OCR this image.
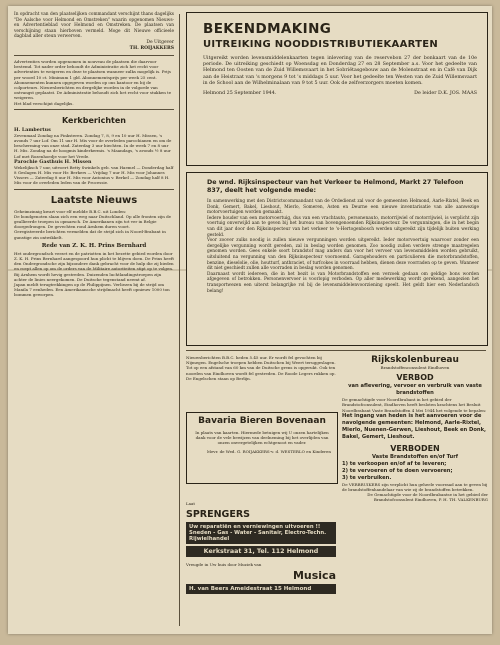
In opdracht van den plaatselijken commandant verschijnt thans dagelijks "De Aalsche voor Helmond en Omstreken" waarin opgenomen Nieuws- en Advertentieblad voor Helmond en Omstreken. De plaatsen van verschijning staan hierboven vermeld. Moge dit Nieuwe officieele dagblad aller steun verwerven.

De Uitgever

TH. ROIJAKKERS

Advertenties worden opgenomen in nouveau de plaatsen die daarvoor bestemd. Tot nader order behoudt de Administratie zich het recht voor advertenties te weigeren en deze te plaatsen wanneer zulks mogelijk is. Prijs per woord 10 ct. Minimum 1 gld. Abonnementsprijs per week 25 cent.

Abonnementen kunnen opgegeven worden op ons kantoor en bij de colporteurs. Nieuwsberichten en dergelijke worden in de volgorde van ontvangst geplaatst. De Administratie behoudt zich het recht voor stukken te weigeren.

Het blad verschijnt dagelijks.

Kerkberichten

H. Lambertus

Zevenmaal Zondag na Pinksteren. Zondag 7, 8, 9 en 10 uur H. Missen, 's avonds 7 uur Lof. Om 11 uur H. Mis voor de overleden parochianen en om de bescherming van onze stad. Zaterdag 3 uur biechten. In de week 7 en 8 uur H. Mis. Zondag na de hoogmis kinderkermis. 's Maandags, 's avonds ½ 8 uur Lof met Rozenhoedje voor het Vrede.

Parochie Gasthuis H. Missen

Wekelijksch 7 uur, uitvoert Betty Swinkels geb. van Haemel — Donderdag half 8 Geslagen H. Mis voor Hr. Berkers — Vrijdag 7 uur H. Mis voor Johannes Vissers — Zaterdag 8 uur H. Mis voor Antonius v. Berkel — Zondag half 8 H. Mis voor de overleden leden van de Processie.

Laatste Nieuws

Geheimzinnig kwart voor elf meldde B.B.C. uit Londen:

De bondgenoten slaan zich een weg naar Duitschland. Op alle fronten zijn de geallieerde troepen in opmarsch. De Amerikanen zijn tot ver in Belgie doorgedrongen. De gevechten rond Arnhem duren voort.

Geregistreerde berichten vermelden dat de strijd zich in Noord-Brabant in gunstige zin ontwikkelt.

Rede van Z. K. H. Prins Bernhard

Het ondergrondsch verzet en de patriotten in het bezette gebied worden door Z. K. H. Prins Bernhard aangespoord hun plicht te blijven doen. De Prins heeft den Ondergrondsche zijn bijzondere dank gebracht voor de hulp die zij bieden en roept allen op om de orders van de Militaire autoriteiten stipt op te volgen.

Bij Arnhem wordt hevig gestreden. Duizenden luchtlandingstroepen zijn achter de linies neergekomen. De Duitsche tegenstand neemt af.

Japan meldt terugtrekkingen op de Philippijnen. Verliezen bij de strijd om Manila 7 eenheden. Een Amerikaansche strijdmacht heeft opnieuw 1000 ton bommen geworpen.

BEKENDMAKING
UITREIKING NOODDISTRIBUTIEKAARTEN

Uitgereikt worden levensmiddelenkaarten tegen inlevering van de reservebon 27 der bonkaart van de 10e periode. De uitreiking geschiedt op Woensdag en Donderdag 27 en 28 September a.s. Voor het gedeelte van Helmond ten Oosten van de Zuid Willemsvaart in het Sobriëtasgebouw aan de Molenstraat en in Café van Dijk aan de Heistraat van 's morgens 9 tot 's middags 5 uur. Voor het gedeelte ten Westen van de Zuid Willemsvaart in de School aan de Wilhelminalaan van 9 tot 5 uur. Ook de zelfverzorgers moeten komen.

Helmond 25 September 1944.	De leider D.K. JOS. MAAS
De wnd. Rijksinspecteur van het Verkeer te Helmond, Markt 27 Telefoon 837, deelt het volgende mede:

In samenwerking met den Districtscommandant van de Ordedienst zal voor de gemeenten Helmond, Aarle-Rixtel, Beek en Donk, Gemert, Bakel, Lieshout, Mierlo, Someren, Asten en Deurne een nieuwe inventarisatie van alle aanwezige motorvoertuigen worden gemaakt.

Iedere houder van een motorvoertuig, dus van een vrachtauto, personenauto, motorrijwiel of motorrijwiel, is verplicht zijn voertuig onverwijld aan te geven bij het bureau van bovengenoemden Rijksinspecteur. De vergunningen, die in het begin van dit jaar door den Rijksinspecteur van het verkeer te 's-Hertogenbosch werden uitgereikt zijn tijdelijk buiten werking gesteld.

Voor zoover zulks noodig is zullen nieuwe vergunningen worden uitgereikt. Ieder motorvoertuig waarvoor zonder een dergelijke vergunning wordt gereden, zal in beslag worden genomen. Zoo noodig zullen verdere strenge maatregelen genomen worden. Gees enkele soort brandstof mag anders dan voor het vervoer van levensmiddelen worden gebruikt, uitsluitend na vergunning van den Rijksinspecteur voornoemd. Garagehouders en particulieren die motorbrandstoffen, benzine, dieselolie, olie, houtturf, anthraciet, of turfcokes in voorraad hebben, dienen deze voorraden op te geven. Wanneer dit niet geschiedt zullen alle voorraden in beslag worden genomen.

Daarnaast wordt iedereen, die in het bezit is van Motorbrandstoffen een verzoek gedaan om geldige bons worden afgegeven of betrokken. Personenvervoer is voorlopig verboden. Op aller medewerking wordt gerekend, aangezien het transportwezen een uiterst belangrijke rol bij de levensmiddelenvoorziening speelt. Het geldt hier een Nederlandsch belang!

Nieuwsberichten B.B.C. heden 5.45 uur. Er wordt fel gevochten bij Nijmegen. Engelsche troepen hebben Duitschen bij Weert teruggeslagen. Tot op een afstand van 60 km van de Duitsche grens is opgerukt. Ook ten noorden van Eindhoven wordt fel gestreden. De Roode Legers rukken op. De Engelschen staan op Berlijn.

Bavaria Bieren Bovenaan

In plaats van kaarten. Hiermede betuigen wij U onzen hartelijken dank voor de vele bewijzen van deelneming bij het overlijden van onzen onvergetelijken echtgenoot en vader.

Mevr. de Wed. G. ROIJAKKERS-v. d. WESTERLO en Kinderen

Laat
SPRENGERS
Uw reparatiën en verniewingen uitvoeren !! Sneden - Gas - Water - Sanitair, Electro-Techn. Rijwielhandel
Kerkstraat 31, Tel. 112 Helmond

Vreugde in Uw huis door Muziek van

Musica
H. van Beers Ameidestraat 15 Helmond
Rijkskolenbureau

Brandstoffenconsulent Eindhoven

VERBOD

van aflevering, vervoer en verbruik van vaste brandstoffen

De gemachtigde voor Noordbrabant in het gebied der Brandstofconsulent, Eindhoven heeft besloten krachtens het Besluit Noordbrabant Vaste Brandstoffen 4 Mei 1944 het volgende te bepalen:

Het ingang van heden is het aanvoeren voor de navolgende gemeenten: Helmond, Aarle-Rixtel, Mierlo, Nuenen-Gerwen, Lieshout, Beek en Donk, Bakel, Gemert, Lieshout.

VERBODEN

Vaste Brandstoffen en/of Turf

1) te verkoopen en/of af te leveren;

2) te vervoeren of te doen vervoeren;

3) te verbruiken.

De VERBRUIKERS zijn verplicht hun geheele voorraad aan te geven bij de brandstoffenhandelaar van wie zij de brandstoffen betrekken.

De Gemachtigde voor de Noordbrabantse in het gebied der Brandstofconsulent Eindhoven, P. H. TH. VALKENBURG
